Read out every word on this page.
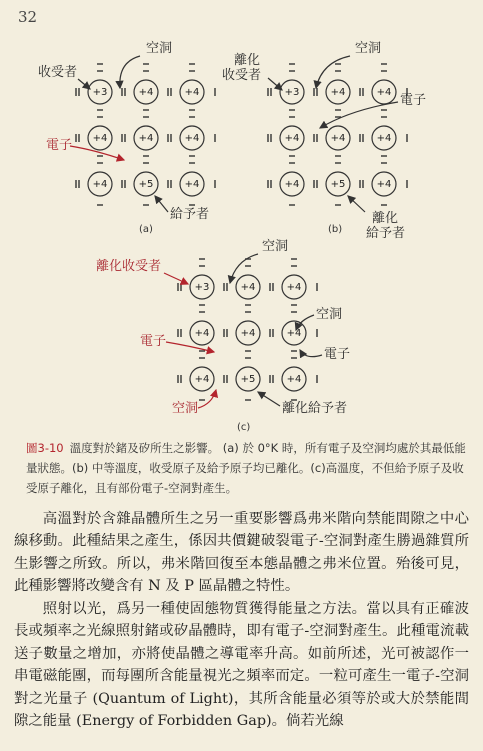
32
+3	+4	+4
+4	+4	+4
+4	+5	+4
+3	+4	+4
+4	+4	+4
+4	+5	+4
+3	+4	+4
+4	+4	+4
+4	+5	+4
空洞
收受者
電子
給予者
(a)
空洞
離化 收受者
電子
離化 給予者
(b)
空洞
離化收受者
空洞
電子
電子
空洞	離化給予者
(c)
圖3-10 溫度對於鍺及矽所生之影響。 (a) 於 0°K 時，所有電子及空洞均處於其最低能量狀態。(b) 中等溫度，收受原子及給予原子均已離化。(c)高溫度，不但給予原子及收受原子離化，且有部份電子-空洞對產生。
高溫對於含雜晶體所生之另一重要影響爲弗米階向禁能間隙之中心線移動。此種結果之產生，係因共價鍵破裂電子-空洞對產生勝過雜質所生影響之所致。所以，弗米階回復至本態晶體之弗米位置。殆後可見，此種影響將改變含有 N 及 P 區晶體之特性。
照射以光，爲另一種使固態物質獲得能量之方法。當以具有正確波長或頻率之光線照射鍺或矽晶體時，即有電子-空洞對產生。此種電流載送子數量之增加，亦將使晶體之導電率升高。如前所述，光可被認作一串電磁能團，而每團所含能量視光之頻率而定。一粒可產生一電子-空洞對之光量子 (Quantum of Light)，其所含能量必須等於或大於禁能間隙之能量 (Energy of Forbidden Gap)。倘若光線
